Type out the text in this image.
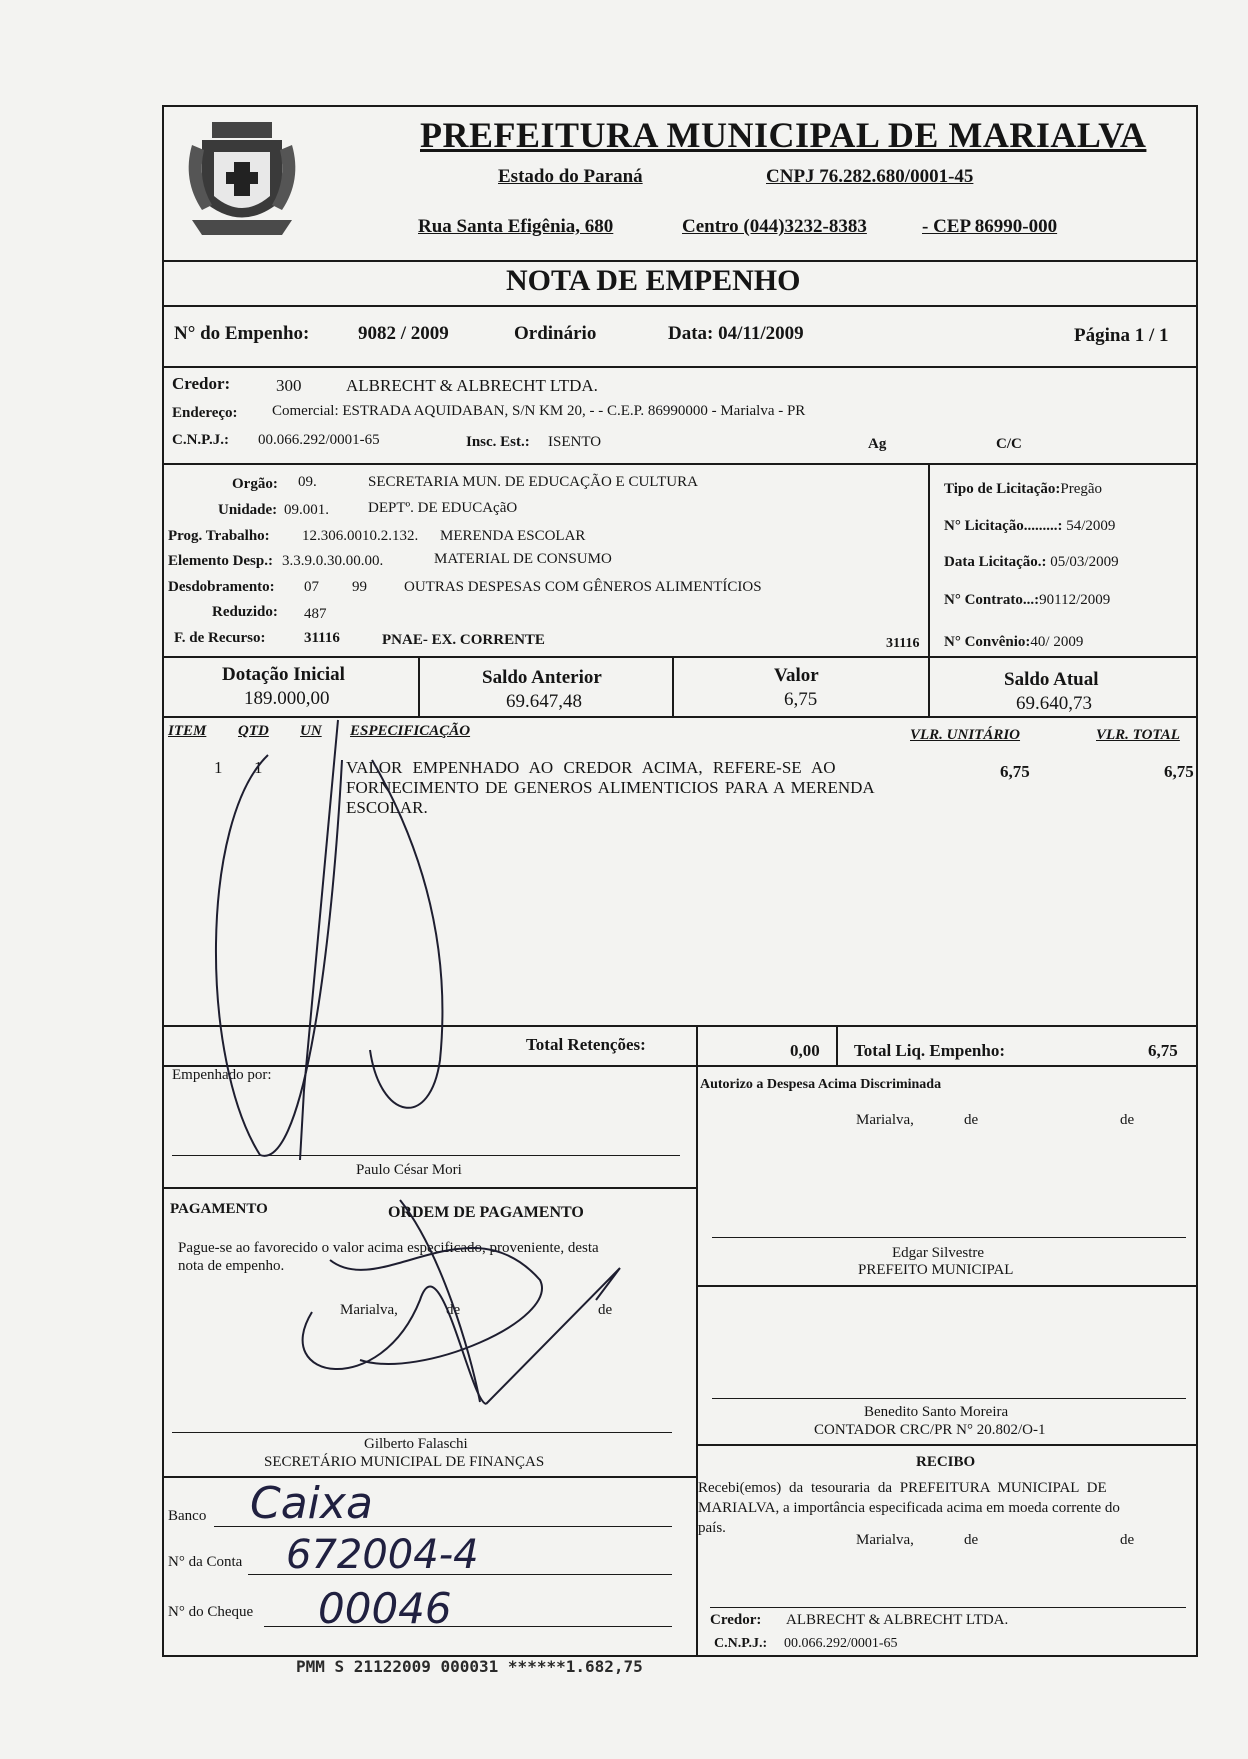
PREFEITURA MUNICIPAL DE MARIALVA
Estado do Paraná	CNPJ 76.282.680/0001-45
Rua Santa Efigênia, 680	Centro (044)3232-8383	- CEP 86990-000
NOTA DE EMPENHO
N° do Empenho:	9082 / 2009	Ordinário	Data: 04/11/2009	Página 1 / 1
Credor:	300	ALBRECHT & ALBRECHT LTDA.
Endereço: Comercial: ESTRADA AQUIDABAN, S/N KM 20, - - C.E.P. 86990000 - Marialva - PR
C.N.P.J.: 00.066.292/0001-65	Insc. Est.: ISENTO	Ag	C/C
Orgão: 09.	SECRETARIA MUN. DE EDUCAÇÃO E CULTURA
Unidade: 09.001.	DEPTº. DE EDUCAçãO
Prog. Trabalho: 12.306.0010.2.132. MERENDA ESCOLAR
Elemento Desp.: 3.3.9.0.30.00.00.	MATERIAL DE CONSUMO
Desdobramento: 07 99 OUTRAS DESPESAS COM GÊNEROS ALIMENTÍCIOS
Reduzido: 487
F. de Recurso:	31116	PNAE- EX. CORRENTE	31116
Tipo de Licitação:Pregão
N° Licitação.........: 54/2009
Data Licitação.: 05/03/2009
N° Contrato...:90112/2009
N° Convênio:40/ 2009
Dotação Inicial
189.000,00
Saldo Anterior
69.647,48
Valor
6,75
Saldo Atual
69.640,73
ITEM QTD UN ESPECIFICAÇÃO	VLR. UNITÁRIO	VLR. TOTAL
1 1	VALOR EMPENHADO AO CREDOR ACIMA, REFERE-SE AO
FORNECIMENTO DE GENEROS ALIMENTICIOS PARA A MERENDA
ESCOLAR.
6,75	6,75
Total Retenções:	0,00 Total Liq. Empenho:	6,75
Empenhado por:
Paulo César Mori
Autorizo a Despesa Acima Discriminada
Marialva,	de	de
Edgar Silvestre
PREFEITO MUNICIPAL
PAGAMENTO	ORDEM DE PAGAMENTO
Pague-se ao favorecido o valor acima especificado, proveniente, desta
nota de empenho.
Marialva,	de	de
Gilberto Falaschi
SECRETÁRIO MUNICIPAL DE FINANÇAS
Benedito Santo Moreira
CONTADOR CRC/PR N° 20.802/O-1
RECIBO
Recebi(emos) da tesouraria da PREFEITURA MUNICIPAL DE
MARIALVA, a importância especificada acima em moeda corrente do
país.
Marialva,	de	de
Credor: ALBRECHT & ALBRECHT LTDA.
C.N.P.J.: 00.066.292/0001-65
Banco Caixa
N° da Conta 672004-4
N° do Cheque 00046
PMM S 21122009 000031 ******1.682,75
